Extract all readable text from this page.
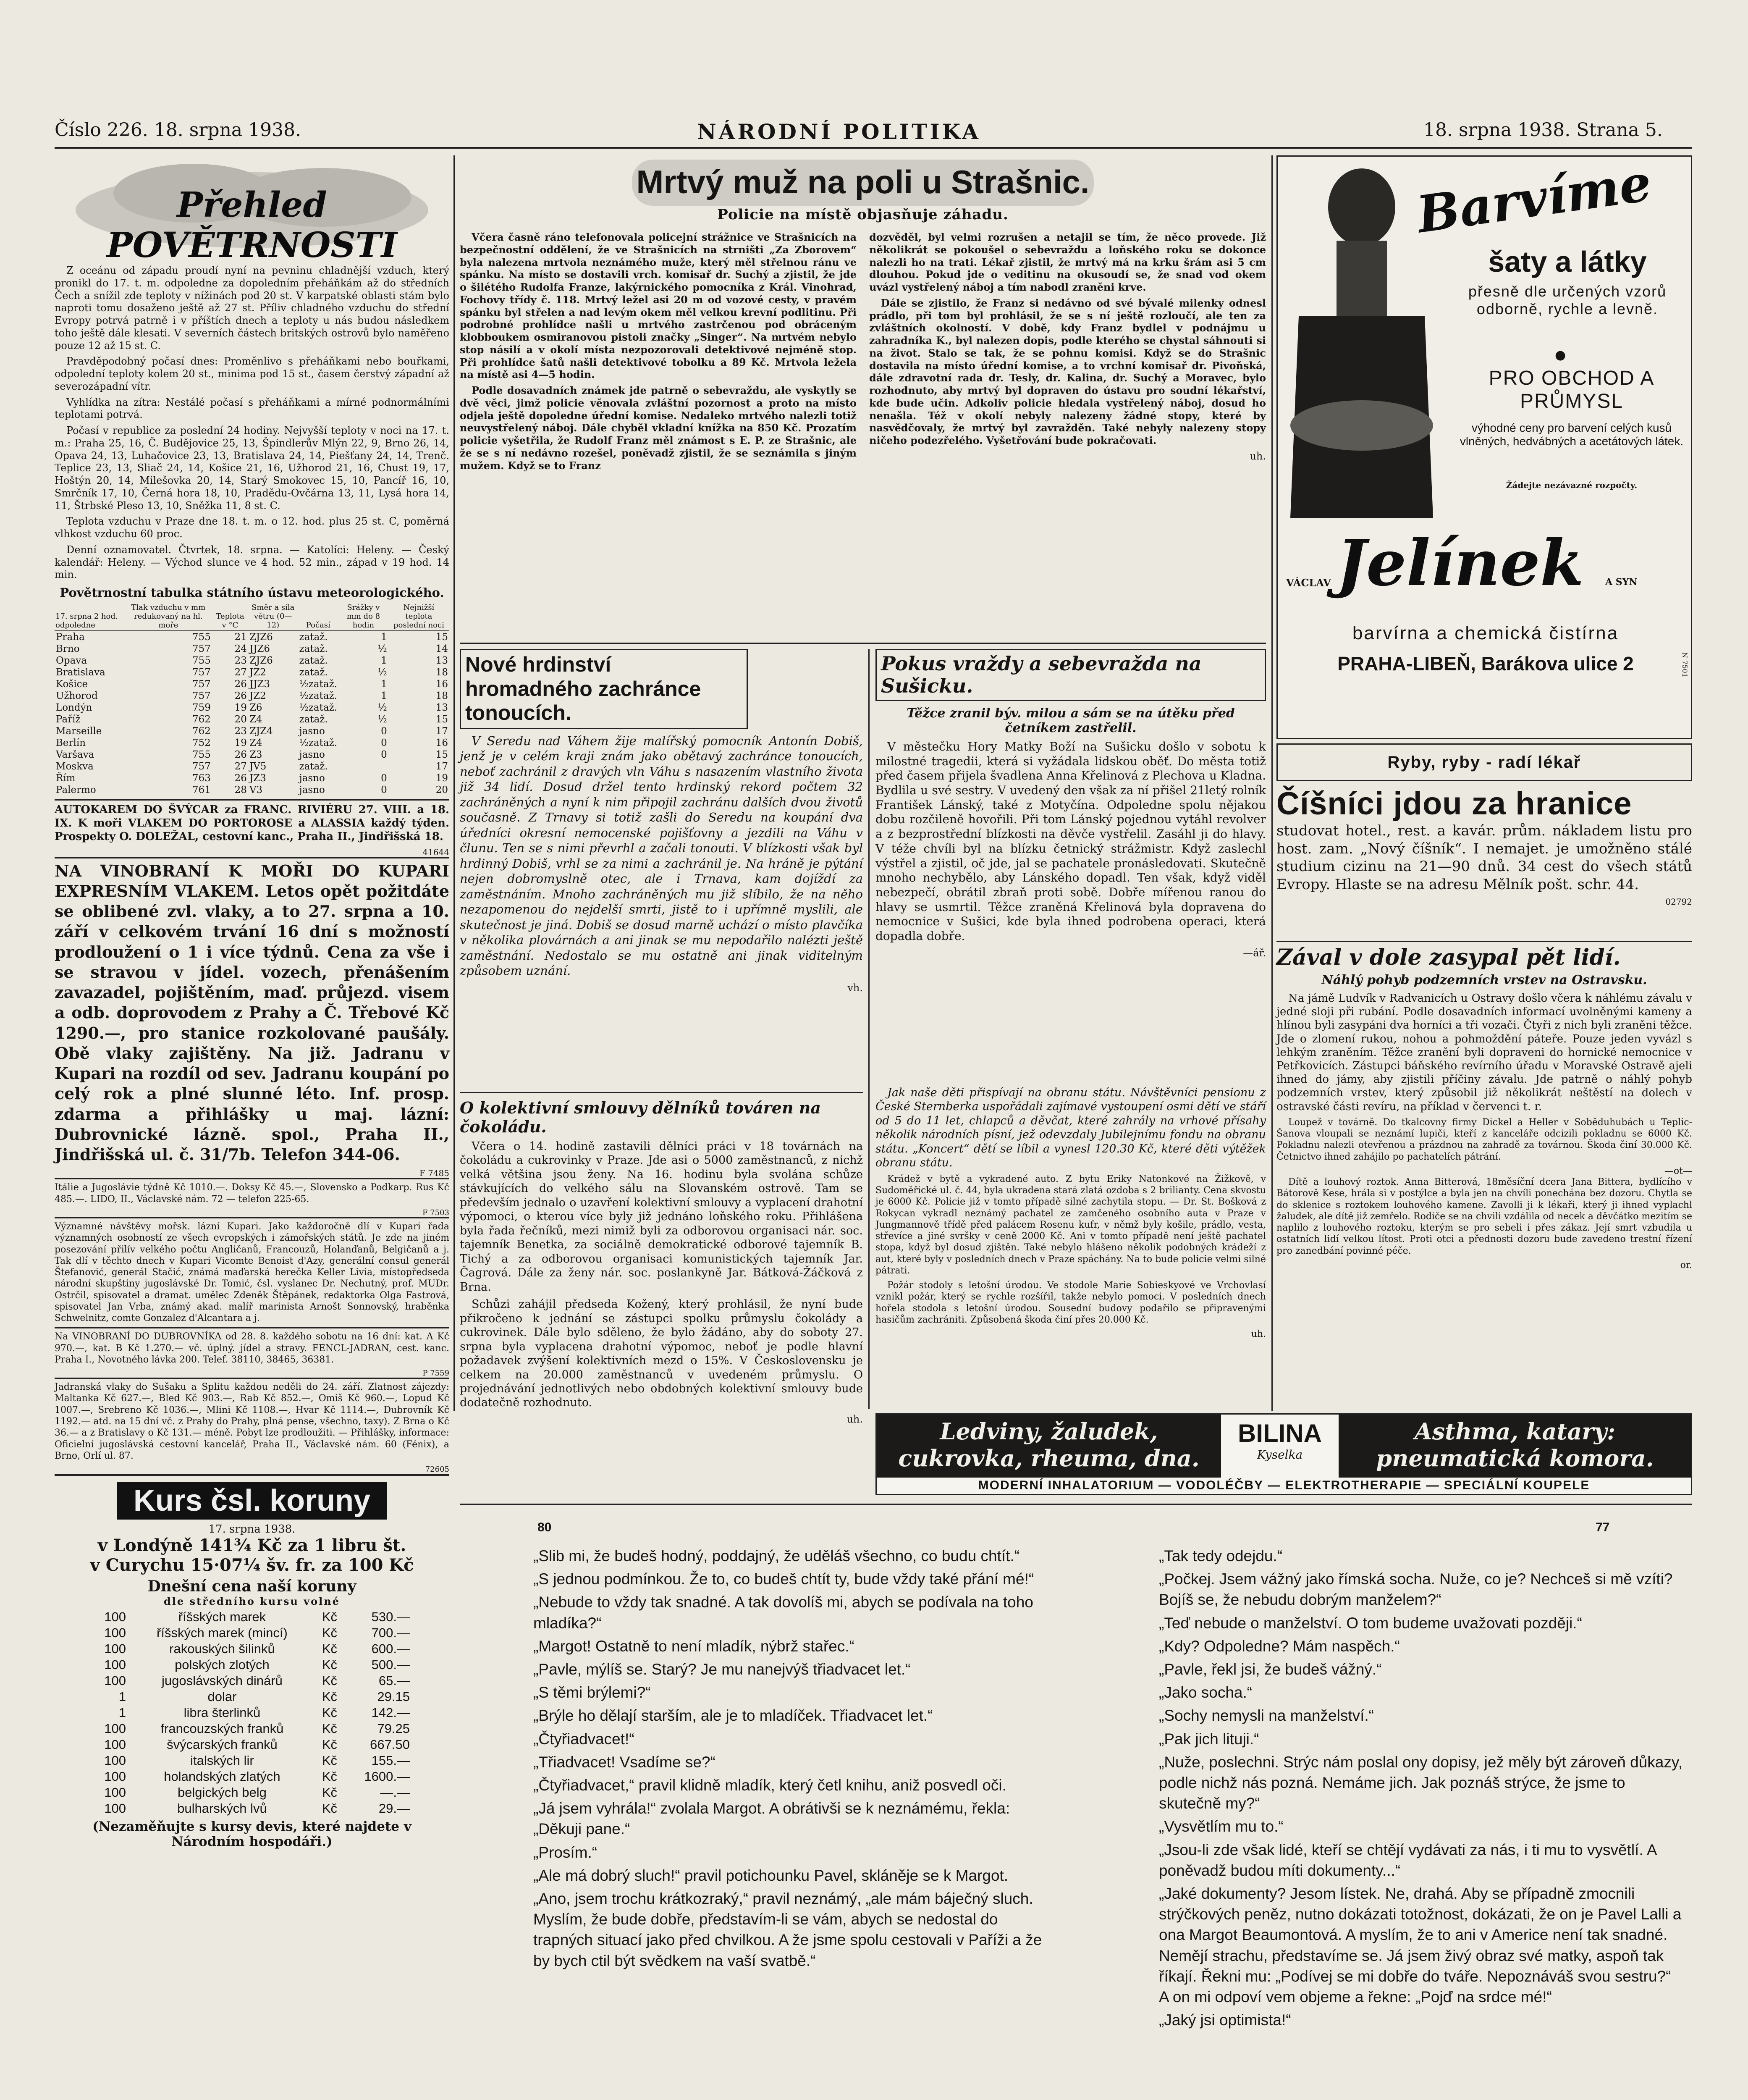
Číslo 226. 18. srpna 1938.	NÁRODNÍ POLITIKA	18. srpna 1938. Strana 5.
Přehled POVĚTRNOSTI

Z oceánu od západu proudí nyní na pevninu chladnější vzduch, který pronikl do 17. t. m. odpoledne za dopoledním přeháňkám až do středních Čech a snížil zde teploty v nížinách pod 20 st. V karpatské oblasti stám bylo naproti tomu dosaženo ještě až 27 st. Příliv chladného vzduchu do střední Evropy potrvá patrně i v příštích dnech a teploty u nás budou následkem toho ještě dále klesati. V severních částech britských ostrovů bylo naměřeno pouze 12 až 15 st. C.

Pravděpodobný počasí dnes: Proměnlivo s přeháňkami nebo bouřkami, odpolední teploty kolem 20 st., minima pod 15 st., časem čerstvý západní až severozápadní vítr.

Vyhlídka na zítra: Nestálé počasí s přeháňkami a mírné podnormálními teplotami potrvá.

Počasí v republice za poslední 24 hodiny. Nejvyšší teploty v noci na 17. t. m.: Praha 25, 16, Č. Budějovice 25, 13, Špindlerův Mlýn 22, 9, Brno 26, 14, Opava 24, 13, Luhačovice 23, 13, Bratislava 24, 14, Piešťany 24, 14, Trenč. Teplice 23, 13, Sliač 24, 14, Košice 21, 16, Užhorod 21, 16, Chust 19, 17, Hoštýn 20, 14, Milešovka 20, 14, Starý Smokovec 15, 10, Pancíř 16, 10, Smrčník 17, 10, Černá hora 18, 10, Pradědu-Ovčárna 13, 11, Lysá hora 14, 11, Štrbské Pleso 13, 10, Sněžka 11, 8 st. C.

Teplota vzduchu v Praze dne 18. t. m. o 12. hod. plus 25 st. C, poměrná vlhkost vzduchu 60 proc.

Denní oznamovatel. Čtvrtek, 18. srpna. — Katolíci: Heleny. — Český kalendář: Heleny. — Východ slunce ve 4 hod. 52 min., západ v 19 hod. 14 min.

Povětrnostní tabulka státního ústavu meteorologického.
17. srpna 2 hod. odpoledne	Tlak vzduchu v mm redukovaný na hl. moře	Teplota v °C	Směr a síla větru (0—12)	Počasí	Srážky v mm do 8 hodin	Nejnižší teplota poslední noci
Praha	755	21	ZJZ6	zataž.	1	15
Brno	757	24	JJZ6	zataž.	½	14
Opava	755	23	ZJZ6	zataž.	1	13
Bratislava	757	27	JZ2	zataž.	½	18
Košice	757	26	JJZ3	½zataž.	1	16
Užhorod	757	26	JZ2	½zataž.	1	18
Londýn	759	19	Z6	½zataž.	½	13
Paříž	762	20	Z4	zataž.	½	15
Marseille	762	23	ZJZ4	jasno	0	17
Berlín	752	19	Z4	½zataž.	0	16
Varšava	755	26	Z3	jasno	0	15
Moskva	757	27	JV5	zataž.		17
Řím	763	26	JZ3	jasno	0	19
Palermo	761	28	V3	jasno	0	20

AUTOKAREM DO ŠVÝCAR za FRANC. RIVIÉRU 27. VIII. a 18. IX. K moři VLAKEM DO PORTOROSE a ALASSIA každý týden. Prospekty O. DOLEŽAL, cestovní kanc., Praha II., Jindřišská 18.

41644

NA VINOBRANÍ K MOŘI DO KUPARI EXPRESNÍM VLAKEM. Letos opět požitdáte se oblibené zvl. vlaky, a to 27. srpna a 10. září v celkovém trvání 16 dní s možností prodloužení o 1 i více týdnů. Cena za vše i se stravou v jídel. vozech, přenášením zavazadel, pojištěním, maď. průjezd. visem a odb. doprovodem z Prahy a Č. Třebové Kč 1290.—, pro stanice rozkolované paušály. Obě vlaky zajištěny. Na již. Jadranu v Kupari na rozdíl od sev. Jadranu koupání po celý rok a plné slunné léto. Inf. prosp. zdarma a přihlášky u maj. lázní: Dubrovnické lázně. spol., Praha II., Jindřišská ul. č. 31/7b. Telefon 344-06.

F 7485

Itálie a Jugoslávie týdně Kč 1010.—. Doksy Kč 45.—, Slovensko a Podkarp. Rus Kč 485.—. LIDO, II., Václavské nám. 72 — telefon 225-65.

F 7503

Významné návštěvy mořsk. lázní Kupari. Jako každoročně dlí v Kupari řada významných osobností ze všech evropských i zámořských států. Je zde na jiném posezování přilív velkého počtu Angličanů, Francouzů, Holanďanů, Belgičanů a j. Tak dlí v těchto dnech v Kupari Vicomte Benoist d'Azy, generální consul generál Štefanović, generál Stačić, známá maďarská herečka Keller Livia, místopředseda národní skupštiny jugoslávské Dr. Tomić, čsl. vyslanec Dr. Nechutný, prof. MUDr. Ostrčil, spisovatel a dramat. umělec Zdeněk Štěpánek, redaktorka Olga Fastrová, spisovatel Jan Vrba, známý akad. malíř marinista Arnošt Sonnovský, hraběnka Schwelnitz, comte Gonzalez d'Alcantara a j.

Na VINOBRANÍ DO DUBROVNÍKA od 28. 8. každého sobotu na 16 dní: kat. A Kč 970.—, kat. B Kč 1.270.— vč. úplný. jídel a stravy. FENCL-JADRAN, cest. kanc. Praha I., Novotného lávka 200. Telef. 38110, 38465, 36381.

P 7559

Jadranská vlaky do Sušaku a Splitu každou neděli do 24. září. Zlatnost zájezdy: Maltanka Kč 627.—, Bled Kč 903.—, Rab Kč 852.—, Omiš Kč 960.—, Lopud Kč 1007.—, Srebreno Kč 1036.—, Mlini Kč 1108.—, Hvar Kč 1114.—, Dubrovník Kč 1192.— atd. na 15 dní vč. z Prahy do Prahy, plná pense, všechno, taxy). Z Brna o Kč 36.— a z Bratislavy o Kč 131.— méně. Pobyt lze prodloužiti. — Přihlášky, informace: Oficielní jugoslávská cestovní kancelář, Praha II., Václavské nám. 60 (Fénix), a Brno, Orlí ul. 87.

72605
Kurs čsl. koruny
17. srpna 1938.
v Londýně 141¾ Kč za 1 libru št.
v Curychu 15·07¼ šv. fr. za 100 Kč
Dnešní cena naší koruny
dle středního kursu volné
100	říšských marek	Kč	530.—
100	říšských marek (mincí)	Kč	700.—
100	rakouských šilinků	Kč	600.—
100	polských zlotých	Kč	500.—
100	jugoslávských dinárů	Kč	65.—
1	dolar	Kč	29.15
1	libra šterlinků	Kč	142.—
100	francouzských franků	Kč	79.25
100	švýcarských franků	Kč	667.50
100	italských lir	Kč	155.—
100	holandských zlatých	Kč	1600.—
100	belgických belg	Kč	—.—
100	bulharských lvů	Kč	29.—
(Nezaměňujte s kursy devis, které najdete v Národním hospodáři.)
Mrtvý muž na poli u Strašnic.
Policie na místě objasňuje záhadu.

Včera časně ráno telefonovala policejní strážnice ve Strašnicích na bezpečnostní oddělení, že ve Strašnicích na strništi „Za Zborovem“ byla nalezena mrtvola neznámého muže, který měl střelnou ránu ve spánku. Na místo se dostavili vrch. komisař dr. Suchý a zjistil, že jde o šilétého Rudolfa Franze, lakýrnického pomocníka z Král. Vinohrad, Fochovy třídy č. 118. Mrtvý ležel asi 20 m od vozové cesty, v pravém spánku byl střelen a nad levým okem měl velkou krevní podlitinu. Při podrobné prohlídce našli u mrtvého zastrčenou pod obráceným klobboukem osmiranovou pistoli značky „Singer“. Na mrtvém nebylo stop násilí a v okolí místa nezpozorovali detektivové nejméně stop. Při prohlídce šatů našli detektivové tobolku a 89 Kč. Mrtvola ležela na místě asi 4—5 hodin.

Podle dosavadních známek jde patrně o sebevraždu, ale vyskytly se dvě věci, jimž policie věnovala zvláštní pozornost a proto na místo odjela ještě dopoledne úřední komise. Nedaleko mrtvého nalezli totiž neuvystřelený náboj. Dále chyběl vkladní knížka na 850 Kč. Prozatím policie vyšetřila, že Rudolf Franz měl známost s E. P. ze Strašnic, ale že se s ní nedávno rozešel, poněvadž zjistil, že se seznámila s jiným mužem. Když se to Franz

dozvěděl, byl velmi rozrušen a netajil se tím, že něco provede. Již několikrát se pokoušel o sebevraždu a loňského roku se dokonce nalezli ho na trati. Lékař zjistil, že mrtvý má na krku šrám asi 5 cm dlouhou. Pokud jde o veditinu na okusoudí se, že snad vod okem uvázl vystřelený náboj a tím nabodl zraněni krve.

Dále se zjistilo, že Franz si nedávno od své bývalé milenky odnesl prádlo, při tom byl prohlásil, že se s ní ještě rozloučí, ale ten za zvláštních okolností. V době, kdy Franz bydlel v podnájmu u zahradníka K., byl nalezen dopis, podle kterého se chystal sáhnouti si na život. Stalo se tak, že se pohnu komisi. Když se do Strašnic dostavila na místo úřední komise, a to vrchní komisař dr. Pivoňská, dále zdravotní rada dr. Tesly, dr. Kalina, dr. Suchý a Moravec, bylo rozhodnuto, aby mrtvý byl dopraven do ústavu pro soudní lékařství, kde bude učin. Adkoliv policie hledala vystřelený náboj, dosud ho nenašla. Též v okolí nebyly nalezeny žádné stopy, které by nasvědčovaly, že mrtvý byl zavražděn. Také nebyly nalezeny stopy ničeho podezřelého. Vyšetřování bude pokračovati.

uh.
Nové hrdinství hromadného zachránce tonoucích.

V Seredu nad Váhem žije malířský pomocník Antonín Dobiš, jenž je v celém kraji znám jako obětavý zachránce tonoucích, neboť zachránil z dravých vln Váhu s nasazením vlastního života již 34 lidí. Dosud držel tento hrdinský rekord počtem 32 zachráněných a nyní k nim připojil zachránu dalších dvou životů současně. Z Trnavy si totiž zašli do Seredu na koupání dva úředníci okresní nemocenské pojišťovny a jezdili na Váhu v člunu. Ten se s nimi převrhl a začali tonouti. V blízkosti však byl hrdinný Dobiš, vrhl se za nimi a zachránil je. Na hráně je pýtání nejen dobromyslně otec, ale i Trnava, kam dojíždí za zaměstnáním. Mnoho zachráněných mu již slíbilo, že na něho nezapomenou do nejdelší smrti, jistě to i upřímně myslili, ale skutečnost je jiná. Dobiš se dosud marně uchází o místo plavčíka v několika plovárnách a ani jinak se mu nepodařilo nalézti ještě zaměstnání. Nedostalo se mu ostatně ani jinak viditelným způsobem uznání.

vh.
O kolektivní smlouvy dělníků továren na čokoládu.

Včera o 14. hodině zastavili dělníci práci v 18 továrnách na čokoládu a cukrovinky v Praze. Jde asi o 5000 zaměstnanců, z nichž velká většina jsou ženy. Na 16. hodinu byla svolána schůze stávkujících do velkého sálu na Slovanském ostrově. Tam se především jednalo o uzavření kolektivní smlouvy a vyplacení drahotní výpomoci, o kterou více byly již jednáno loňského roku. Přihlášena byla řada řečníků, mezi nimiž byli za odborovou organisaci nár. soc. tajemník Benetka, za sociálně demokratické odborové tajemník B. Tichý a za odborovou organisaci komunistických tajemník Jar. Čagrová. Dále za ženy nár. soc. poslankyně Jar. Bátková-Žáčková z Brna.

Schůzi zahájil předseda Kožený, který prohlásil, že nyní bude přikročeno k jednání se zástupci spolku průmyslu čokolády a cukrovinek. Dále bylo sděleno, že bylo žádáno, aby do soboty 27. srpna byla vyplacena drahotní výpomoc, neboť je podle hlavní požadavek zvýšení kolektivních mezd o 15%. V Československu je celkem na 20.000 zaměstnanců v uvedeném průmyslu. O projednávání jednotlivých nebo obdobných kolektivní smlouvy bude dodatečně rozhodnuto.

uh.
Pokus vraždy a sebevražda na Sušicku.
Těžce zranil býv. milou a sám se na útěku před četníkem zastřelil.

V městečku Hory Matky Boží na Sušicku došlo v sobotu k milostné tragedii, která si vyžádala lidskou oběť. Do města totiž před časem přijela švadlena Anna Křelinová z Plechova u Kladna. Bydlila u své sestry. V uvedený den však za ní přišel 21letý rolník František Lánský, také z Motyčína. Odpoledne spolu nějakou dobu rozčileně hovořili. Při tom Lánský pojednou vytáhl revolver a z bezprostřední blízkosti na děvče vystřelil. Zasáhl ji do hlavy. V téže chvíli byl na blízku četnický strážmistr. Když zaslechl výstřel a zjistil, oč jde, jal se pachatele pronásledovati. Skutečně mnoho nechybělo, aby Lánského dopadl. Ten však, když viděl nebezpečí, obrátil zbraň proti sobě. Dobře mířenou ranou do hlavy se usmrtil. Těžce zraněná Křelinová byla dopravena do nemocnice v Sušici, kde byla ihned podrobena operaci, která dopadla dobře.

—ář.

Jak naše děti přispívají na obranu státu. Návštěvníci pensionu z České Sternberka uspořádali zajímavé vystoupení osmi dětí ve stáří od 5 do 11 let, chlapců a děvčat, které zahrály na vrhové přísahy několik národních písní, jež odevzdaly Jubilejnímu fondu na obranu státu. „Koncert“ dětí se líbil a vynesl 120.30 Kč, které děti výtěžek obranu státu.

Krádež v bytě a vykradené auto. Z bytu Eriky Natonkové na Žižkově, v Sudoměřické ul. č. 44, byla ukradena stará zlatá ozdoba s 2 brilianty. Cena skvostu je 6000 Kč. Policie již v tomto případě silné zachytila stopu. — Dr. St. Bošková z Rokycan vykradl neznámý pachatel ze zamčeného osobního auta v Praze v Jungmannově třídě před palácem Rosenu kufr, v němž byly košile, prádlo, vesta, střevíce a jiné svršky v ceně 2000 Kč. Ani v tomto případě není ještě pachatel stopa, když byl dosud zjištěn. Také nebylo hlášeno několik podobných krádeží z aut, které byly v posledních dnech v Praze spáchány. Na to bude policie velmi silné pátrati.

Požár stodoly s letošní úrodou. Ve stodole Marie Sobieskyové ve Vrchovlasí vznikl požár, který se rychle rozšířil, takže nebylo pomoci. V posledních dnech hořela stodola s letošní úrodou. Sousední budovy podařilo se připravenými hasičům zachrániti. Způsobená škoda činí přes 20.000 Kč.

uh.
Barvíme
šaty a látky
přesně dle určených vzorů odborně, rychle a levně.
●
PRO OBCHOD A PRŮMYSL
výhodné ceny pro barvení celých kusů vlněných, hedvábných a acetátových látek.
Žádejte nezávazné rozpočty.
VÁCLAV Jelínek A SYN
barvírna a chemická čistírna
PRAHA-LIBEŇ, Barákova ulice 2	N 7501
Ryby, ryby - radí lékař
Číšníci jdou za hranice

studovat hotel., rest. a kavár. prům. nákladem listu pro host. zam. „Nový číšník“. I nemajet. je umožněno stálé studium cizinu na 21—90 dnů. 34 cest do všech států Evropy. Hlaste se na adresu Mělník pošt. schr. 44.

02792
Zával v dole zasypal pět lidí.
Náhlý pohyb podzemních vrstev na Ostravsku.

Na jámě Ludvík v Radvanicích u Ostravy došlo včera k náhlému závalu v jedné sloji při rubání. Podle dosavadních informací uvolněnými kameny a hlínou byli zasypáni dva horníci a tři vozači. Čtyři z nich byli zraněni těžce. Jde o zlomení rukou, nohou a pohmoždění páteře. Pouze jeden vyvázl s lehkým zraněním. Těžce zranění byli dopraveni do hornické nemocnice v Petřkovicích. Zástupci báňského revírního úřadu v Moravské Ostravě ajeli ihned do jámy, aby zjistili příčiny závalu. Jde patrně o náhlý pohyb podzemních vrstev, který způsobil již několikrát neštěstí na dolech v ostravské části revíru, na příklad v červenci t. r.

Loupež v továrně. Do tkalcovny firmy Dickel a Heller v Soběduhubách u Teplic-Šanova vloupali se neznámí lupiči, kteří z kanceláře odcizili pokladnu se 6000 Kč. Pokladnu nalezli otevřenou a prázdnou na zahradě za továrnou. Škoda činí 30.000 Kč. Četnictvo ihned zahájilo po pachatelích pátrání.

—ot—

Dítě a louhový roztok. Anna Bitterová, 18měsíční dcera Jana Bittera, bydlícího v Bátorově Kese, hrála si v postýlce a byla jen na chvíli ponechána bez dozoru. Chytla se do sklenice s roztokem louhového kamene. Zavolli ji k lékaři, který ji ihned vyplachl žaludek, ale dítě již zemřelo. Rodiče se na chvili vzdálila od necek a děvčátko mezitím se naplilo z louhového roztoku, kterým se pro sebeli i přes zákaz. Její smrt vzbudila u ostatních lidí velkou lítost. Proti otci a přednosti dozoru bude zavedeno trestní řízení pro zanedbání povinné péče.

or.
Ledviny, žaludek,
cukrovka, rheuma, dna.
BILINA
Kyselka
Asthma, katary:
pneumatická komora.
MODERNÍ INHALATORIUM — VODOLÉČBY — ELEKTROTHERAPIE — SPECIÁLNÍ KOUPELE
80	77

„Slib mi, že budeš hodný, poddajný, že uděláš všechno, co budu chtít.“

„S jednou podmínkou. Že to, co budeš chtít ty, bude vždy také přání mé!“

„Nebude to vždy tak snadné. A tak dovolíš mi, abych se podívala na toho mladíka?“

„Margot! Ostatně to není mladík, nýbrž stařec.“

„Pavle, mýlíš se. Starý? Je mu nanejvýš třiadvacet let.“

„S těmi brýlemi?“

„Brýle ho dělají starším, ale je to mladíček. Třiadvacet let.“

„Čtyřiadvacet!“

„Třiadvacet! Vsadíme se?“

„Čtyřiadvacet,“ pravil klidně mladík, který četl knihu, aniž posvedl oči.

„Já jsem vyhrála!“ zvolala Margot. A obrátivši se k neznámému, řekla: „Děkuji pane.“

„Prosím.“

„Ale má dobrý sluch!“ pravil potichounku Pavel, skláněje se k Margot.

„Ano, jsem trochu krátkozraký,“ pravil neznámý, „ale mám báječný sluch. Myslím, že bude dobře, představím-li se vám, abych se nedostal do trapných situací jako před chvilkou. A že jsme spolu cestovali v Paříži a že by bych ctil být svědkem na vaší svatbě.“

„Tak tedy odejdu.“

„Počkej. Jsem vážný jako římská socha. Nuže, co je? Nechceš si mě vzíti? Bojíš se, že nebudu dobrým manželem?“

„Teď nebude o manželství. O tom budeme uvažovati později.“

„Kdy? Odpoledne? Mám naspěch.“

„Pavle, řekl jsi, že budeš vážný.“

„Jako socha.“

„Sochy nemysli na manželství.“

„Pak jich lituji.“

„Nuže, poslechni. Strýc nám poslal ony dopisy, jež měly být zároveň důkazy, podle nichž nás pozná. Nemáme jich. Jak poznáš strýce, že jsme to skutečně my?“

„Vysvětlím mu to.“

„Jsou-li zde však lidé, kteří se chtějí vydávati za nás, i ti mu to vysvětlí. A poněvadž budou míti dokumenty...“

„Jaké dokumenty? Jesom lístek. Ne, drahá. Aby se případně zmocnili strýčkových peněz, nutno dokázati totožnost, dokázati, že on je Pavel Lalli a ona Margot Beaumontová. A myslím, že to ani v Americe není tak snadné. Nemějí strachu, představíme se. Já jsem živý obraz své matky, aspoň tak říkají. Řekni mu: „Podívej se mi dobře do tváře. Nepoznáváš svou sestru?“ A on mi odpoví vem objeme a řekne: „Pojď na srdce mé!“

„Jaký jsi optimista!“
